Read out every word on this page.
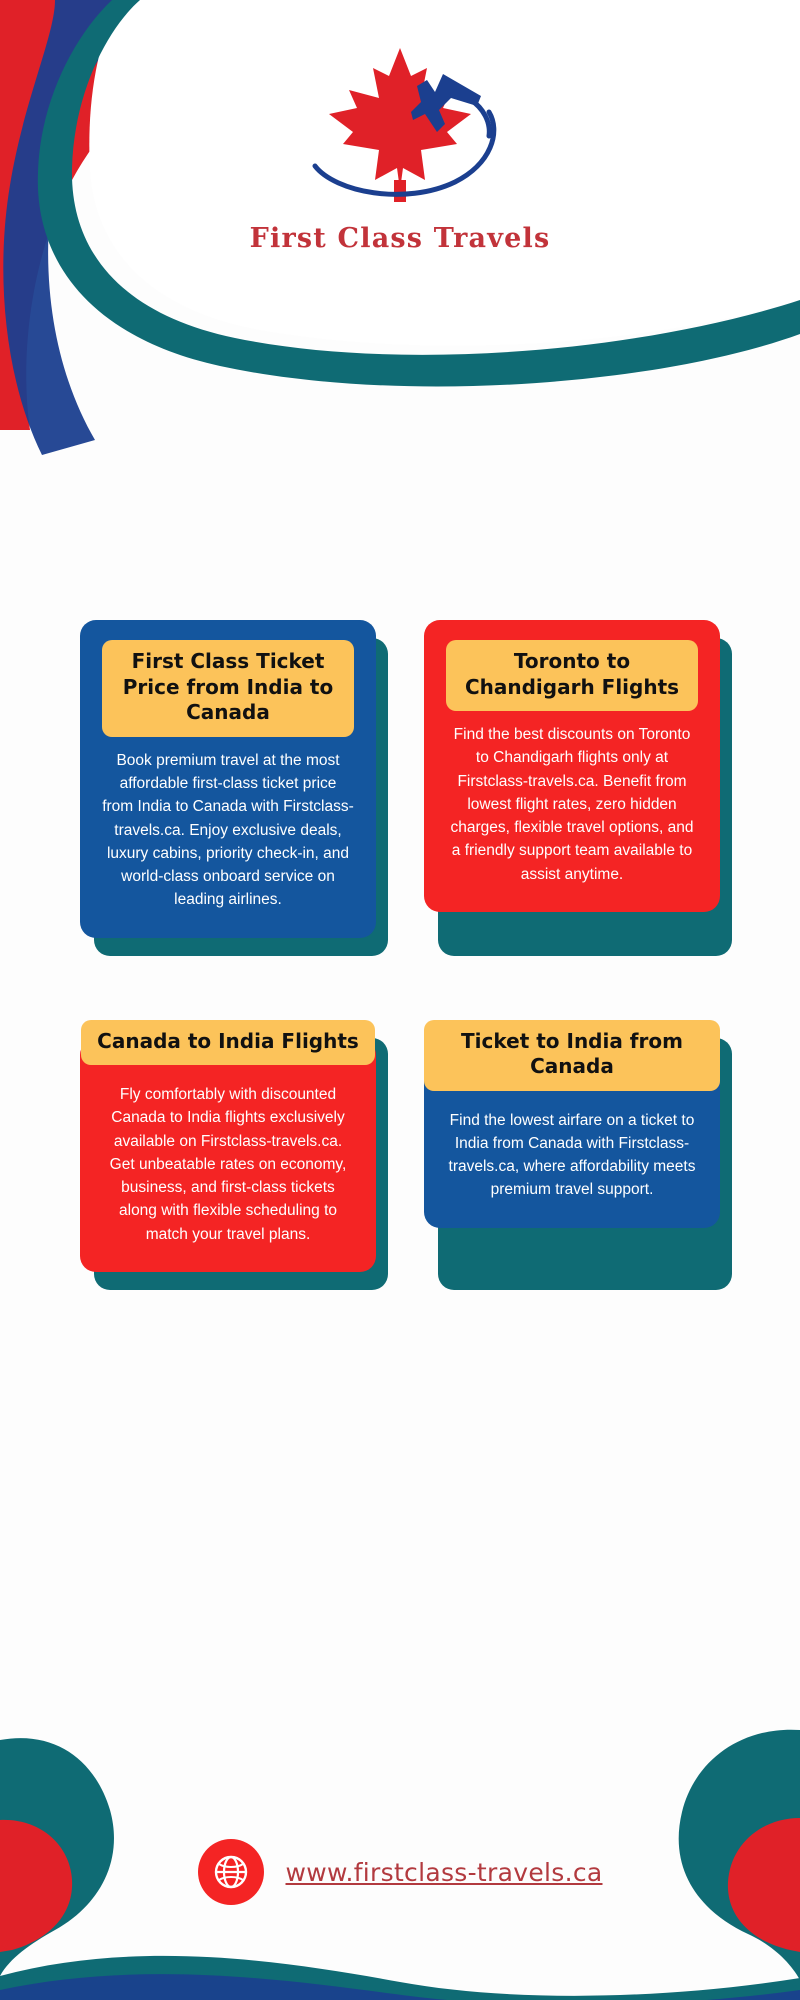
First Class Travels
First Class Ticket Price from India to Canada
Book premium travel at the most affordable first-class ticket price from India to Canada with Firstclass-travels.ca. Enjoy exclusive deals, luxury cabins, priority check-in, and world-class onboard service on leading airlines.
Toronto to Chandigarh Flights
Find the best discounts on Toronto to Chandigarh flights only at Firstclass-travels.ca. Benefit from lowest flight rates, zero hidden charges, flexible travel options, and a friendly support team available to assist anytime.
Canada to India Flights
Fly comfortably with discounted Canada to India flights exclusively available on Firstclass-travels.ca. Get unbeatable rates on economy, business, and first-class tickets along with flexible scheduling to match your travel plans.
Ticket to India from Canada
Find the lowest airfare on a ticket to India from Canada with Firstclass-travels.ca, where affordability meets premium travel support.
www.firstclass-travels.ca
